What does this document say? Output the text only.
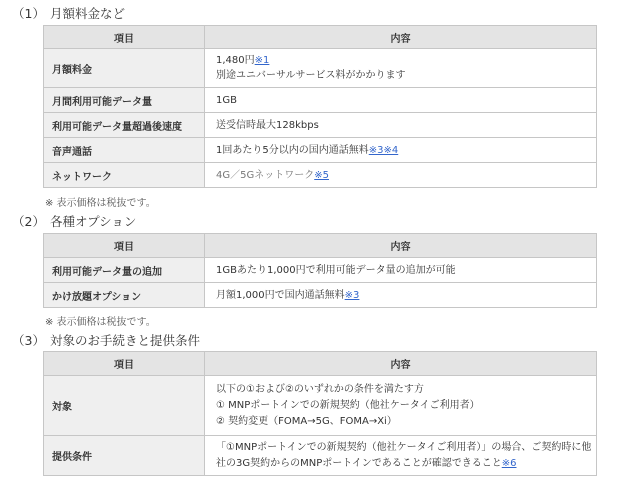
（1） 月額料金など
項目	内容
月額料金	1,480円※1
別途ユニバーサルサービス料がかかります

月間利用可能データ量	1GB
利用可能データ量超過後速度	送受信時最大128kbps
音声通話	1回あたり5分以内の国内通話無料※3※4
ネットワーク	4G／5Gネットワーク※5
※ 表示価格は税抜です。
（2） 各種オプション
項目	内容
利用可能データ量の追加	1GBあたり1,000円で利用可能データ量の追加が可能
かけ放題オプション	月額1,000円で国内通話無料※3
※ 表示価格は税抜です。
（3） 対象のお手続きと提供条件
項目	内容
対象	以下の①および②のいずれかの条件を満たす方
① MNPポートインでの新規契約（他社ケータイご利用者）
② 契約変更（FOMA→5G、FOMA→Xi）

提供条件	「①MNPポートインでの新規契約（他社ケータイご利用者）」の場合、ご契約時に他
社の3G契約からのMNPポートインであることが確認できること※6
